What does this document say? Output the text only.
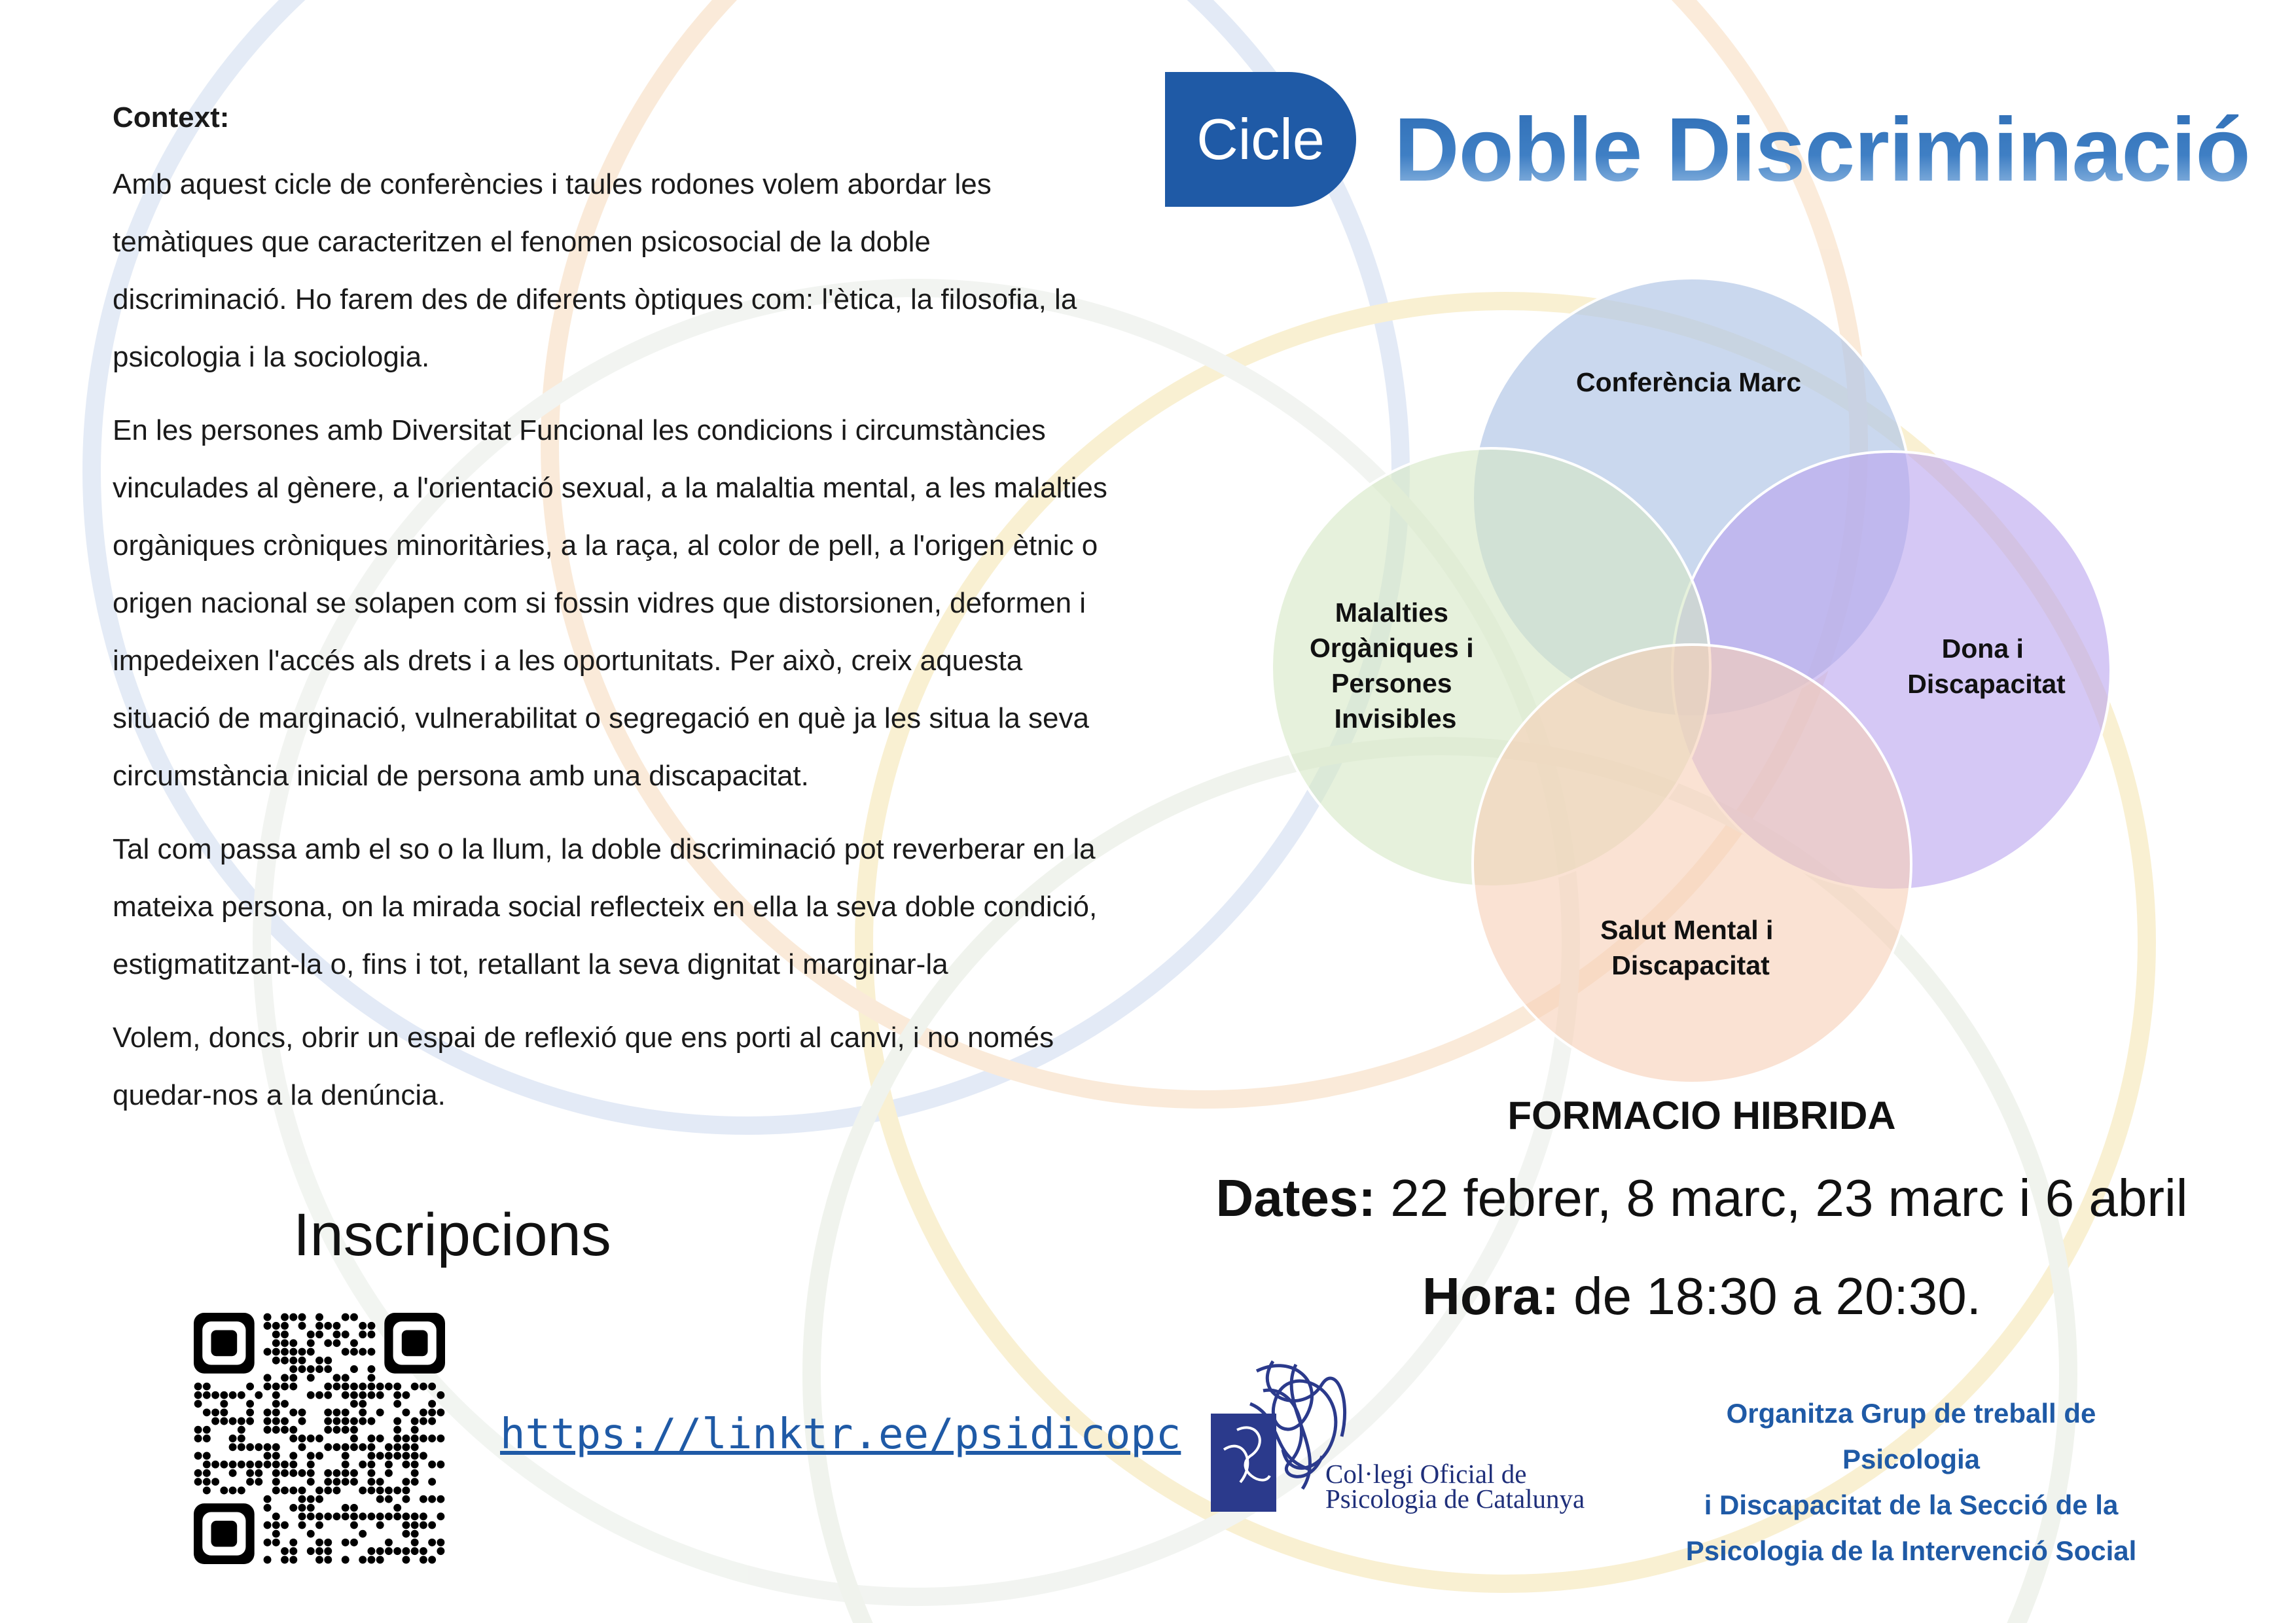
Context:

Amb aquest cicle de conferències i taules rodones volem abordar les temàtiques que caracteritzen el fenomen psicosocial de la doble discriminació. Ho farem des de diferents òptiques com: l'ètica, la filosofia, la psicologia i la sociologia.

En les persones amb Diversitat Funcional les condicions i circumstàncies vinculades al gènere, a l'orientació sexual, a la malaltia mental, a les malalties orgàniques cròniques minoritàries, a la raça, al color de pell, a l'origen ètnic o origen nacional se solapen com si fossin vidres que distorsionen, deformen i impedeixen l'accés als drets i a les oportunitats. Per això, creix aquesta situació de marginació, vulnerabilitat o segregació en què ja les situa la seva circumstància inicial de persona amb una discapacitat.

Tal com passa amb el so o la llum, la doble discriminació pot reverberar en la mateixa persona, on la mirada social reflecteix en ella la seva doble condició, estigmatitzant-la o, fins i tot, retallant la seva dignitat i marginar-la

Volem, doncs, obrir un espai de reflexió que ens porti al canvi, i no només quedar-nos a la denúncia.

Cicle Doble Discriminació
Conferència Marc
Malalties Orgàniques i Persones Invisibles
Dona i Discapacitat
Salut Mental i Discapacitat
FORMACIO HIBRIDA
Dates: 22 febrer, 8 marc, 23 marc i 6 abril
Hora: de 18:30 a 20:30.
Inscripcions
https://linktr.ee/psidicopc
Col·legi Oficial de
Psicologia de Catalunya
Organitza Grup de treball de Psicologia
i Discapacitat de la Secció de la
Psicologia de la Intervenció Social
